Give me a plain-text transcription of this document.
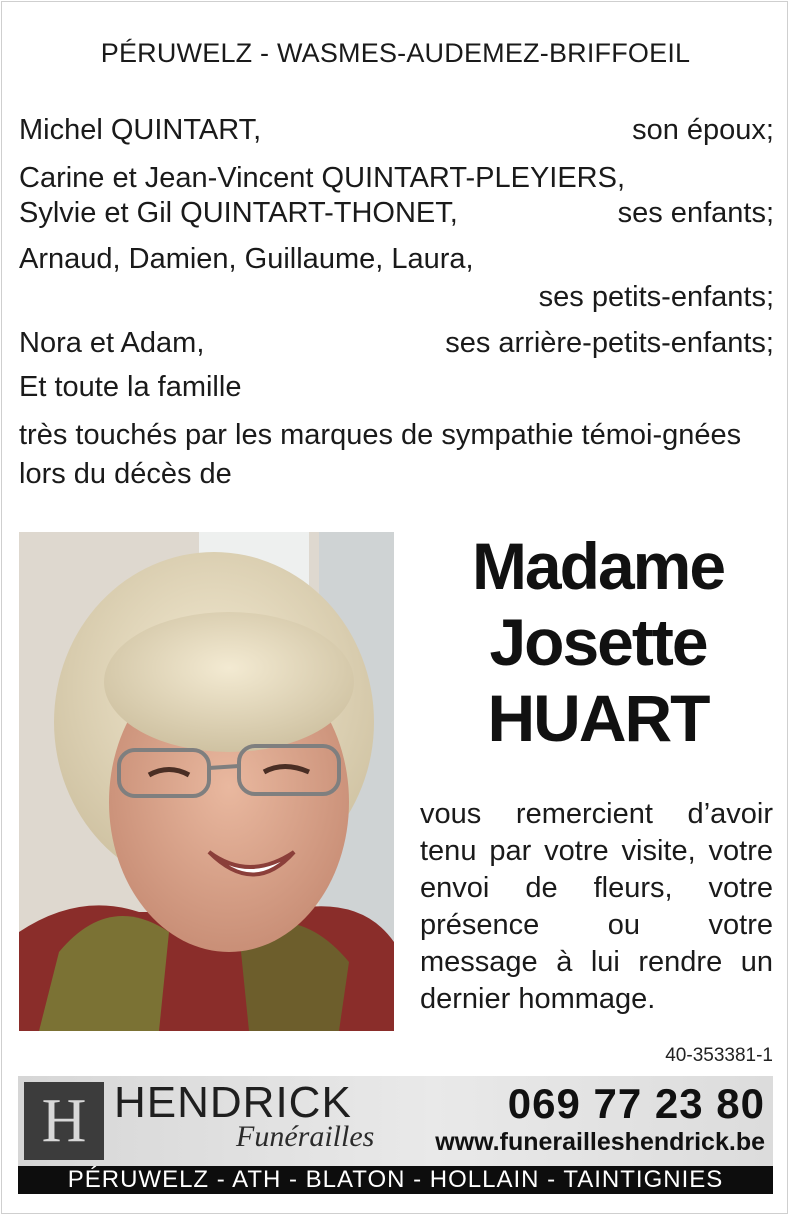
PÉRUWELZ - WASMES-AUDEMEZ-BRIFFOEIL
Michel QUINTART,	son époux;
Carine et Jean-Vincent QUINTART-PLEYIERS,
Sylvie et Gil QUINTART-THONET,	ses enfants;
Arnaud, Damien, Guillaume, Laura,
ses petits-enfants;
Nora et Adam,	ses arrière-petits-enfants;
Et toute la famille
très touchés par les marques de sympathie témoi-gnées lors du décès de
Madame
Josette
HUART
vous remercient d’avoir tenu par votre visite, votre envoi de fleurs, votre présence ou votre message à lui rendre un dernier hommage.
40-353381-1
H HENDRICK
Funérailles
069 77 23 80
www.funerailleshendrick.be
PÉRUWELZ - ATH - BLATON - HOLLAIN - TAINTIGNIES
